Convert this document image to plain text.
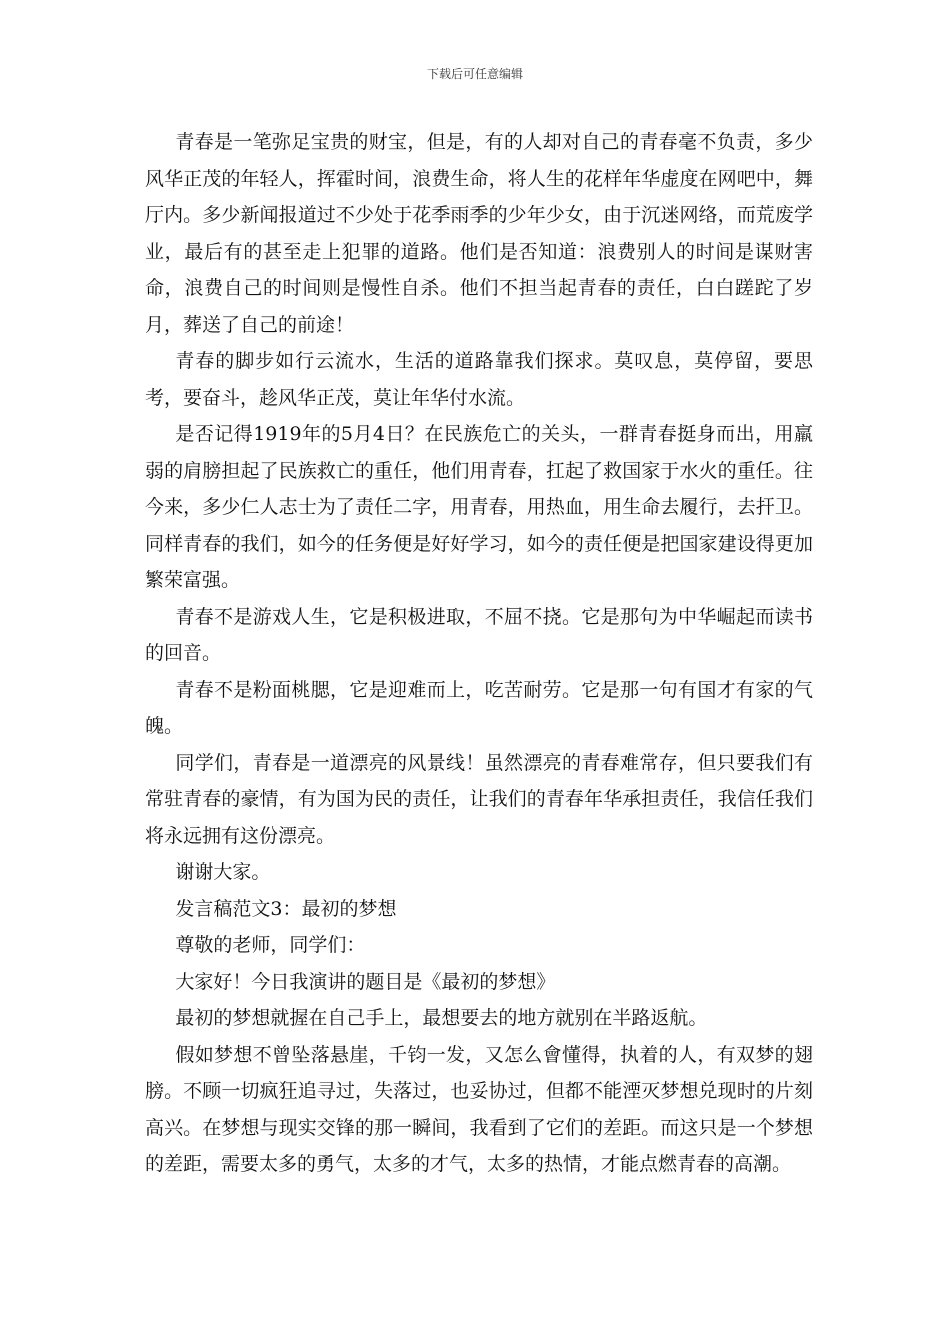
下载后可任意编辑

青春是一笔弥足宝贵的财宝，但是，有的人却对自己的青春毫不负责，多少风华正茂的年轻人，挥霍时间，浪费生命，将人生的花样年华虚度在网吧中，舞厅内。多少新闻报道过不少处于花季雨季的少年少女，由于沉迷网络，而荒废学业，最后有的甚至走上犯罪的道路。他们是否知道：浪费别人的时间是谋财害命，浪费自己的时间则是慢性自杀。他们不担当起青春的责任，白白蹉跎了岁月，葬送了自己的前途！

青春的脚步如行云流水，生活的道路靠我们探求。莫叹息，莫停留，要思考，要奋斗，趁风华正茂，莫让年华付水流。

是否记得1919年的5月4日？在民族危亡的关头，一群青春挺身而出，用羸弱的肩膀担起了民族救亡的重任，他们用青春，扛起了救国家于水火的重任。往今来，多少仁人志士为了责任二字，用青春，用热血，用生命去履行，去扞卫。同样青春的我们，如今的任务便是好好学习，如今的责任便是把国家建设得更加繁荣富强。

青春不是游戏人生，它是积极进取，不屈不挠。它是那句为中华崛起而读书的回音。

青春不是粉面桃腮，它是迎难而上，吃苦耐劳。它是那一句有国才有家的气魄。

同学们，青春是一道漂亮的风景线！虽然漂亮的青春难常存，但只要我们有常驻青春的豪情，有为国为民的责任，让我们的青春年华承担责任，我信任我们将永远拥有这份漂亮。

谢谢大家。

发言稿范文3：最初的梦想

尊敬的老师，同学们：

大家好！今日我演讲的题目是《最初的梦想》

最初的梦想就握在自己手上，最想要去的地方就别在半路返航。

假如梦想不曾坠落悬崖，千钧一发，又怎么會懂得，执着的人，有双梦的翅膀。不顾一切疯狂追寻过，失落过，也妥协过，但都不能湮灭梦想兑现时的片刻高兴。在梦想与现实交锋的那一瞬间，我看到了它们的差距。而这只是一个梦想的差距，需要太多的勇气，太多的才气，太多的热情，才能点燃青春的高潮。
